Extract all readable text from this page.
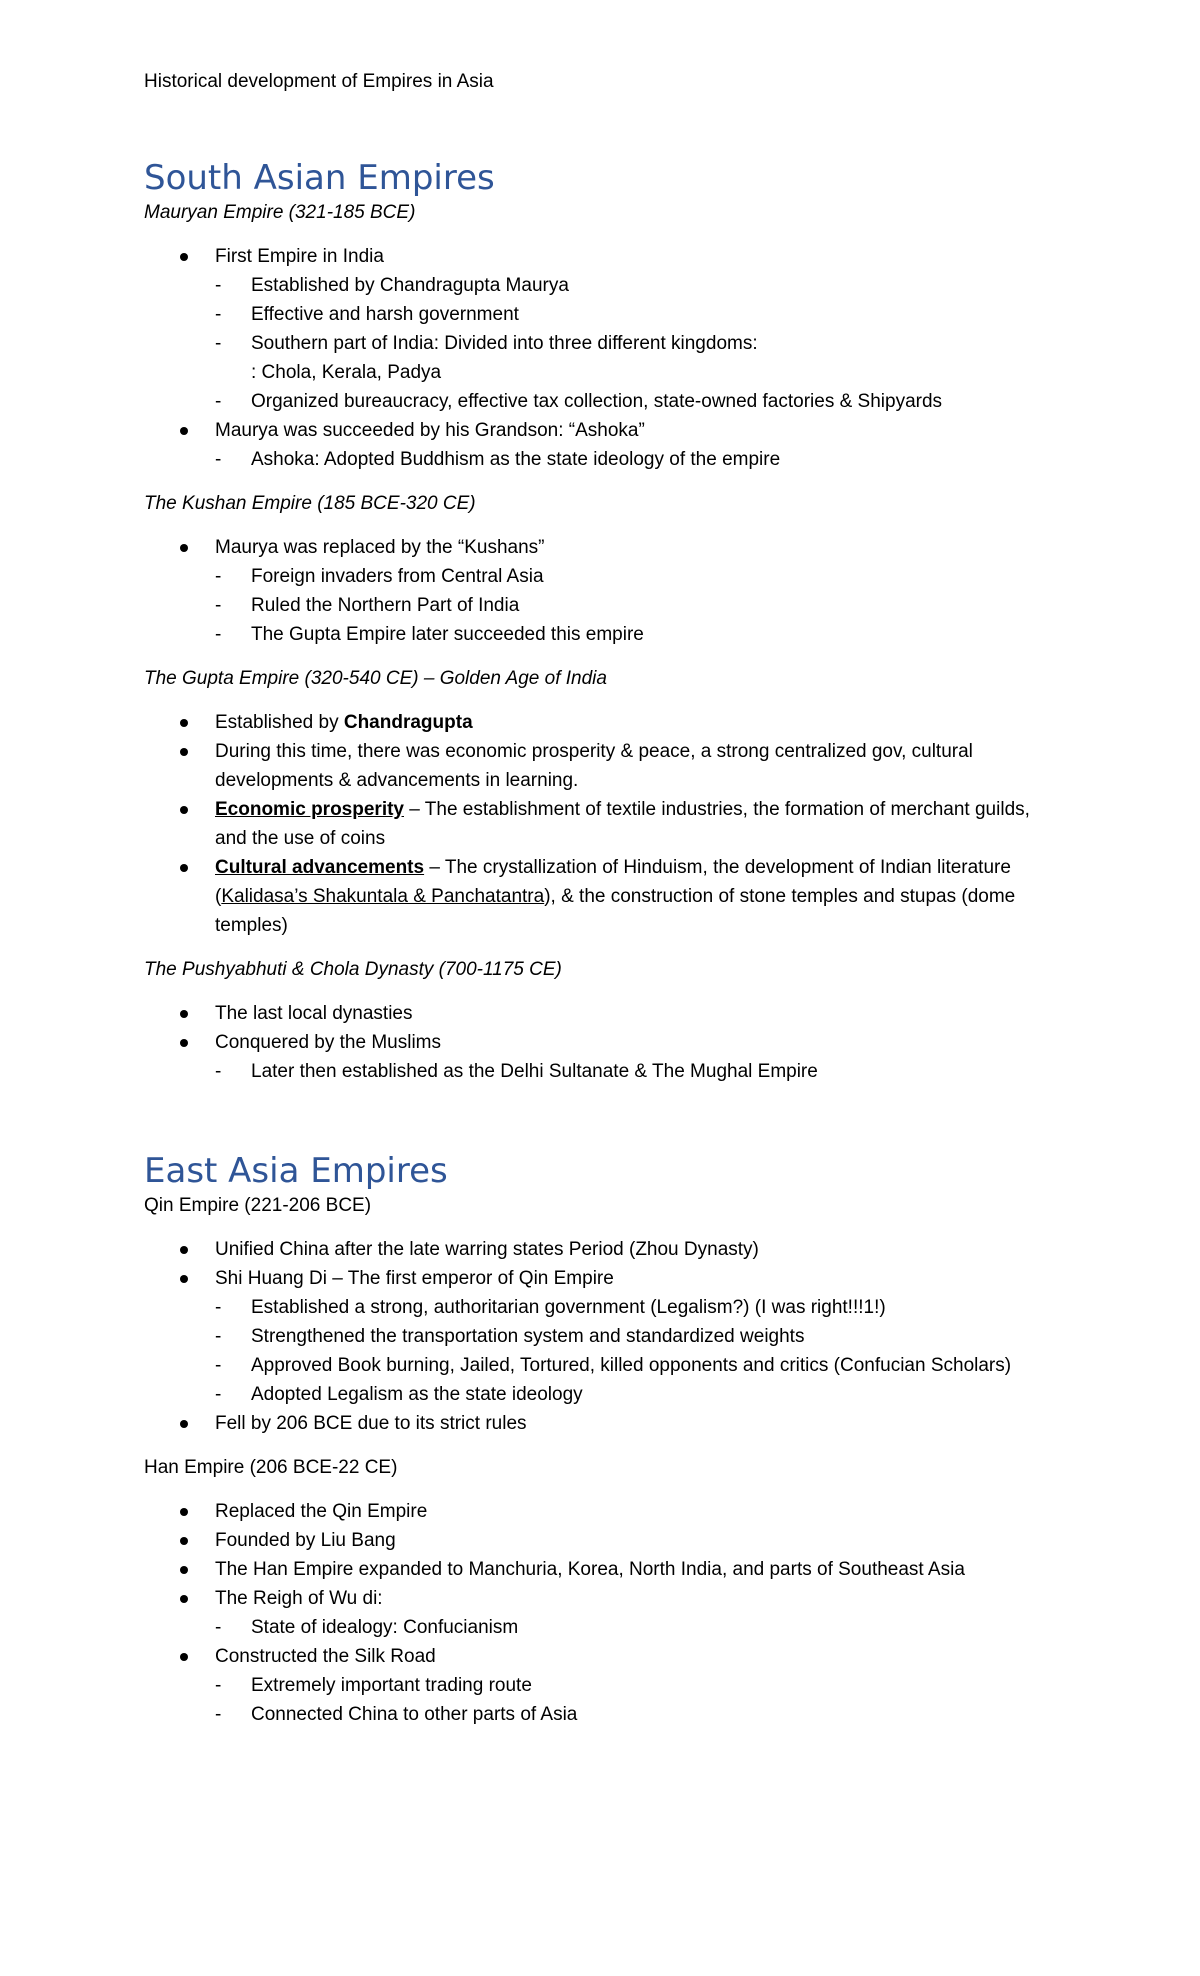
Historical development of Empires in Asia
South Asian Empires
Mauryan Empire (321-185 BCE)
First Empire in India
- Established by Chandragupta Maurya
- Effective and harsh government
- Southern part of India: Divided into three different kingdoms:
: Chola, Kerala, Padya
- Organized bureaucracy, effective tax collection, state-owned factories & Shipyards
Maurya was succeeded by his Grandson: “Ashoka”
- Ashoka: Adopted Buddhism as the state ideology of the empire
The Kushan Empire (185 BCE-320 CE)
Maurya was replaced by the “Kushans”
- Foreign invaders from Central Asia
- Ruled the Northern Part of India
- The Gupta Empire later succeeded this empire
The Gupta Empire (320-540 CE) – Golden Age of India
Established by Chandragupta
During this time, there was economic prosperity & peace, a strong centralized gov, cultural developments & advancements in learning.
Economic prosperity – The establishment of textile industries, the formation of merchant guilds, and the use of coins
Cultural advancements – The crystallization of Hinduism, the development of Indian literature (Kalidasa’s Shakuntala & Panchatantra), & the construction of stone temples and stupas (dome temples)
The Pushyabhuti & Chola Dynasty (700-1175 CE)
The last local dynasties
Conquered by the Muslims
- Later then established as the Delhi Sultanate & The Mughal Empire
East Asia Empires
Qin Empire (221-206 BCE)
Unified China after the late warring states Period (Zhou Dynasty)
Shi Huang Di – The first emperor of Qin Empire
- Established a strong, authoritarian government (Legalism?) (I was right!!!1!)
- Strengthened the transportation system and standardized weights
- Approved Book burning, Jailed, Tortured, killed opponents and critics (Confucian Scholars)
- Adopted Legalism as the state ideology
Fell by 206 BCE due to its strict rules
Han Empire (206 BCE-22 CE)
Replaced the Qin Empire
Founded by Liu Bang
The Han Empire expanded to Manchuria, Korea, North India, and parts of Southeast Asia
The Reigh of Wu di:
- State of idealogy: Confucianism
Constructed the Silk Road
- Extremely important trading route
- Connected China to other parts of Asia
